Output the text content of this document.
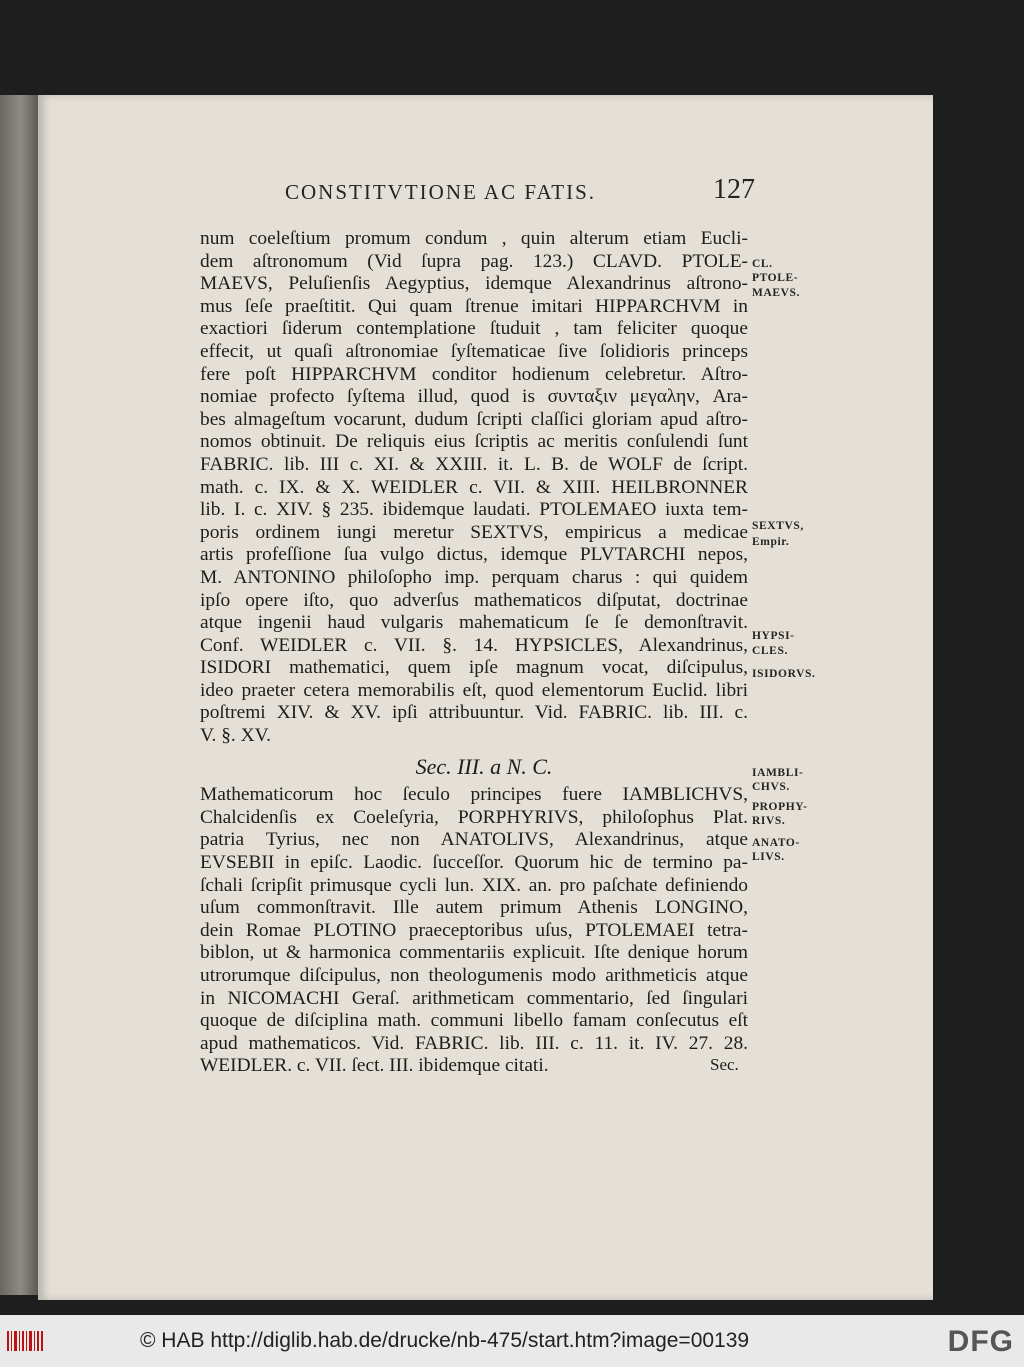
CONSTITVTIONE AC FATIS.	127

num coeleſtium promum condum , quin alterum etiam Eucli-

dem aſtronomum (Vid ſupra pag. 123.) CLAVD. PTOLE-

MAEVS, Peluſienſis Aegyptius, idemque Alexandrinus aſtrono-

mus ſeſe praeſtitit. Qui quam ſtrenue imitari HIPPARCHVM in

exactiori ſiderum contemplatione ſtuduit , tam feliciter quoque

effecit, ut quaſi aſtronomiae ſyſtematicae ſive ſolidioris princeps

fere poſt HIPPARCHVM conditor hodienum celebretur. Aſtro-

nomiae profecto ſyſtema illud, quod is συνταξιν μεγαλην, Ara-

bes almageſtum vocarunt, dudum ſcripti claſſici gloriam apud aſtro-

nomos obtinuit. De reliquis eius ſcriptis ac meritis conſulendi ſunt

FABRIC. lib. III c. XI. & XXIII. it. L. B. de WOLF de ſcript.

math. c. IX. & X. WEIDLER c. VII. & XIII. HEILBRONNER

lib. I. c. XIV. § 235. ibidemque laudati. PTOLEMAEO iuxta tem-

poris ordinem iungi meretur SEXTVS, empiricus a medicae

artis profeſſione ſua vulgo dictus, idemque PLVTARCHI nepos,

M. ANTONINO philoſopho imp. perquam charus : qui quidem

ipſo opere iſto, quo adverſus mathematicos diſputat, doctrinae

atque ingenii haud vulgaris mahematicum ſe ſe demonſtravit.

Conf. WEIDLER c. VII. §. 14. HYPSICLES, Alexandrinus,

ISIDORI mathematici, quem ipſe magnum vocat, diſcipulus,

ideo praeter cetera memorabilis eſt, quod elementorum Euclid. libri

poſtremi XIV. & XV. ipſi attribuuntur. Vid. FABRIC. lib. III. c.

V. §. XV.

Sec. III. a N. C.

Mathematicorum hoc ſeculo principes fuere IAMBLICHVS,

Chalcidenſis ex Coeleſyria, PORPHYRIVS, philoſophus Plat.

patria Tyrius, nec non ANATOLIVS, Alexandrinus, atque

EVSEBII in epiſc. Laodic. ſucceſſor. Quorum hic de termino pa-

ſchali ſcripſit primusque cycli lun. XIX. an. pro paſchate definiendo

uſum commonſtravit. Ille autem primum Athenis LONGINO,

dein Romae PLOTINO praeceptoribus uſus, PTOLEMAEI tetra-

biblon, ut & harmonica commentariis explicuit. Iſte denique horum

utrorumque diſcipulus, non theologumenis modo arithmeticis atque

in NICOMACHI Geraſ. arithmeticam commentario, ſed ſingulari

quoque de diſciplina math. communi libello famam conſecutus eſt

apud mathematicos. Vid. FABRIC. lib. III. c. 11. it. IV. 27. 28.

WEIDLER. c. VII. ſect. III. ibidemque citati.

CL.
PTOLE-
MAEVS.
SEXTVS,
Empir.
HYPSI-
CLES.
ISIDORVS.
IAMBLI-
CHVS.
PROPHY-
RIVS.
ANATO-
LIVS.
Sec.
© HAB http://diglib.hab.de/drucke/nb-475/start.htm?image=00139	DFG
